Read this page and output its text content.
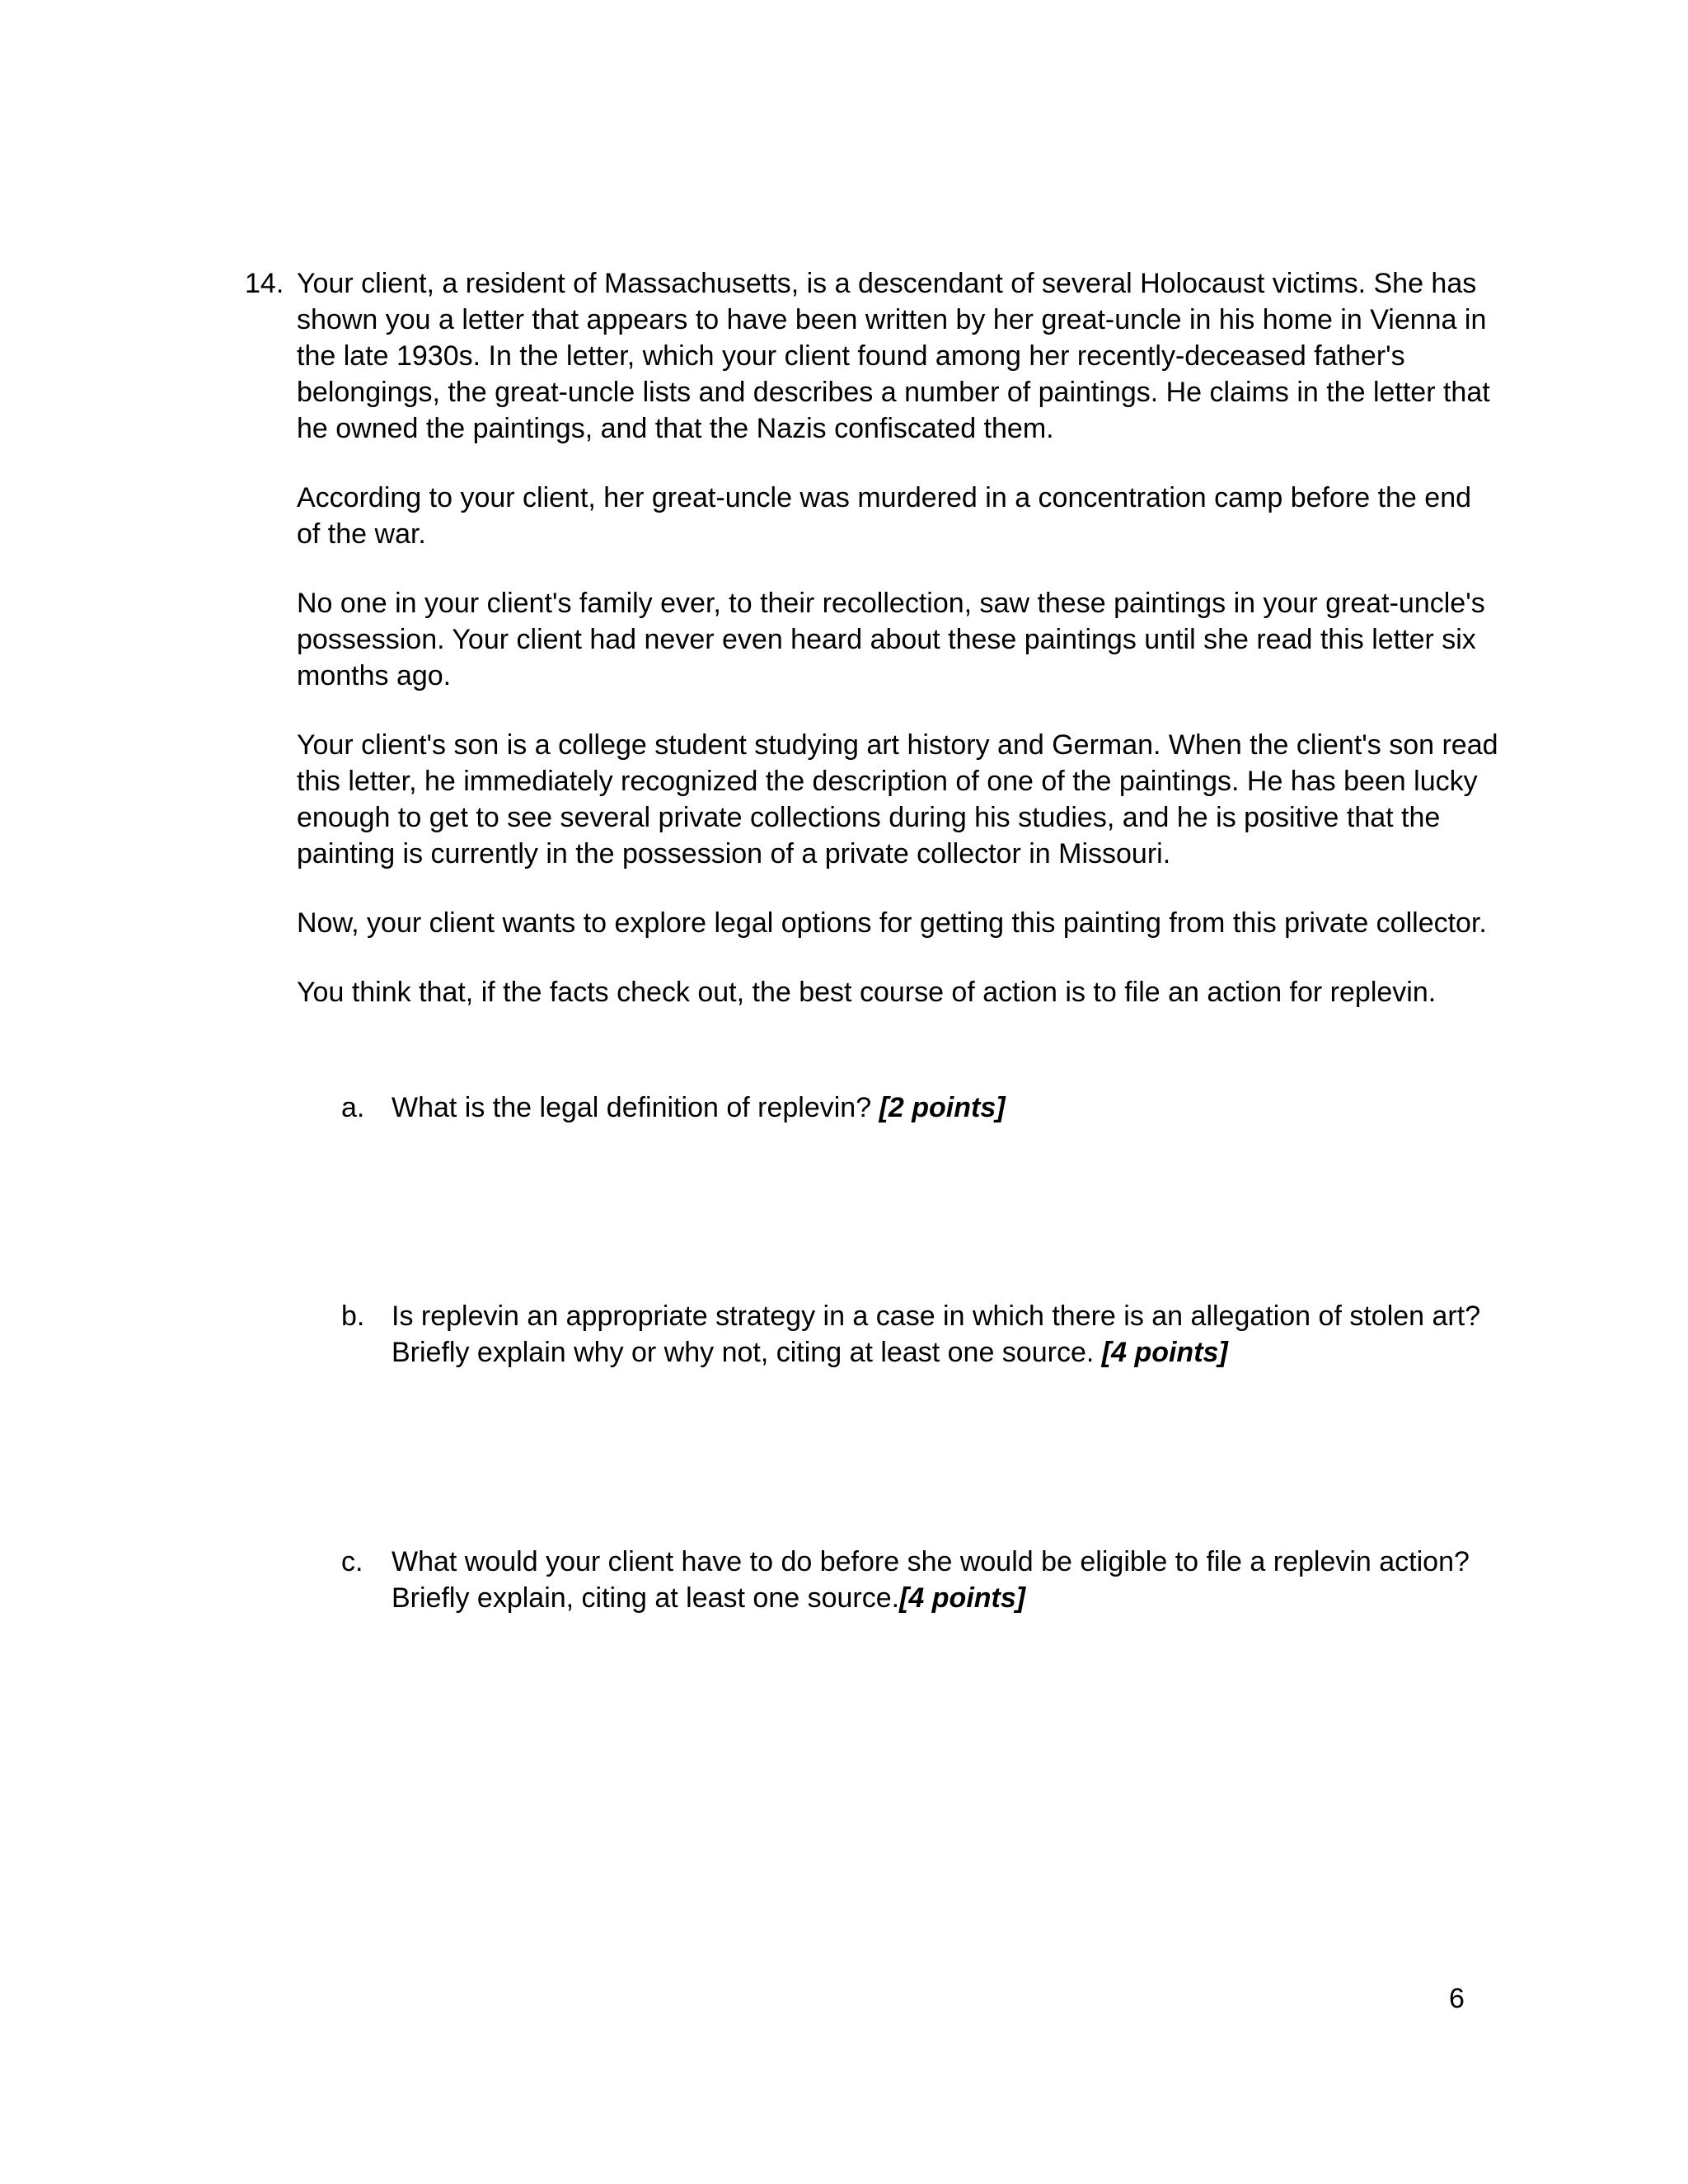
14. Your client, a resident of Massachusetts, is a descendant of several Holocaust victims. She has shown you a letter that appears to have been written by her great-uncle in his home in Vienna in the late 1930s. In the letter, which your client found among her recently-deceased father's belongings, the great-uncle lists and describes a number of paintings. He claims in the letter that he owned the paintings, and that the Nazis confiscated them.

According to your client, her great-uncle was murdered in a concentration camp before the end of the war.

No one in your client's family ever, to their recollection, saw these paintings in your great-uncle's possession. Your client had never even heard about these paintings until she read this letter six months ago.

Your client's son is a college student studying art history and German. When the client's son read this letter, he immediately recognized the description of one of the paintings. He has been lucky enough to get to see several private collections during his studies, and he is positive that the painting is currently in the possession of a private collector in Missouri.

Now, your client wants to explore legal options for getting this painting from this private collector.

You think that, if the facts check out, the best course of action is to file an action for replevin.

a. What is the legal definition of replevin? [2 points]
b. Is replevin an appropriate strategy in a case in which there is an allegation of stolen art? Briefly explain why or why not, citing at least one source. [4 points]
c. What would your client have to do before she would be eligible to file a replevin action? Briefly explain, citing at least one source.[4 points]
6
